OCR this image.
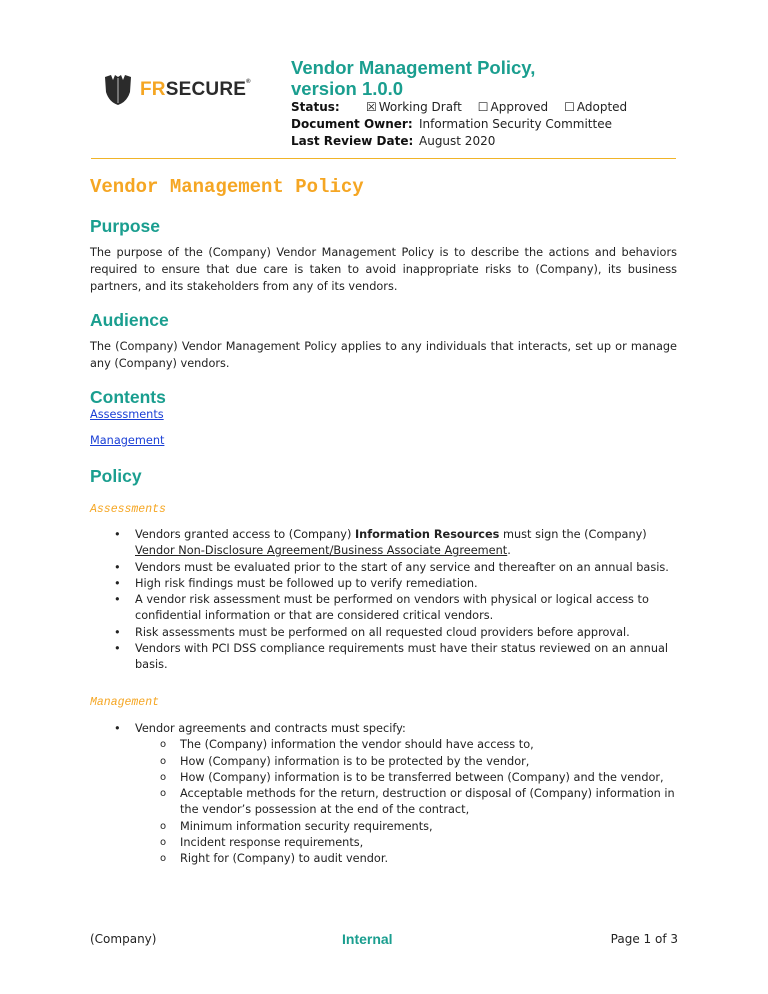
FRSECURE®
Vendor Management Policy,
version 1.0.0
Status:	☒ Working Draft ☐ Approved ☐ Adopted
Document Owner: Information Security Committee
Last Review Date: August 2020
Vendor Management Policy
Purpose
The purpose of the (Company) Vendor Management Policy is to describe the actions and behaviors required to ensure that due care is taken to avoid inappropriate risks to (Company), its business partners, and its stakeholders from any of its vendors.
Audience
The (Company) Vendor Management Policy applies to any individuals that interacts, set up or manage any (Company) vendors.
Contents
Assessments
Management
Policy
Assessments
• Vendors granted access to (Company) Information Resources must sign the (Company) Vendor Non-Disclosure Agreement/Business Associate Agreement.
• Vendors must be evaluated prior to the start of any service and thereafter on an annual basis.
• High risk findings must be followed up to verify remediation.
• A vendor risk assessment must be performed on vendors with physical or logical access to confidential information or that are considered critical vendors.
• Risk assessments must be performed on all requested cloud providers before approval.
• Vendors with PCI DSS compliance requirements must have their status reviewed on an annual basis.
Management
• Vendor agreements and contracts must specify:
o The (Company) information the vendor should have access to,
o How (Company) information is to be protected by the vendor,
o How (Company) information is to be transferred between (Company) and the vendor,
o Acceptable methods for the return, destruction or disposal of (Company) information in the vendor’s possession at the end of the contract,
o Minimum information security requirements,
o Incident response requirements,
o Right for (Company) to audit vendor.
(Company)	Internal	Page 1 of 3
